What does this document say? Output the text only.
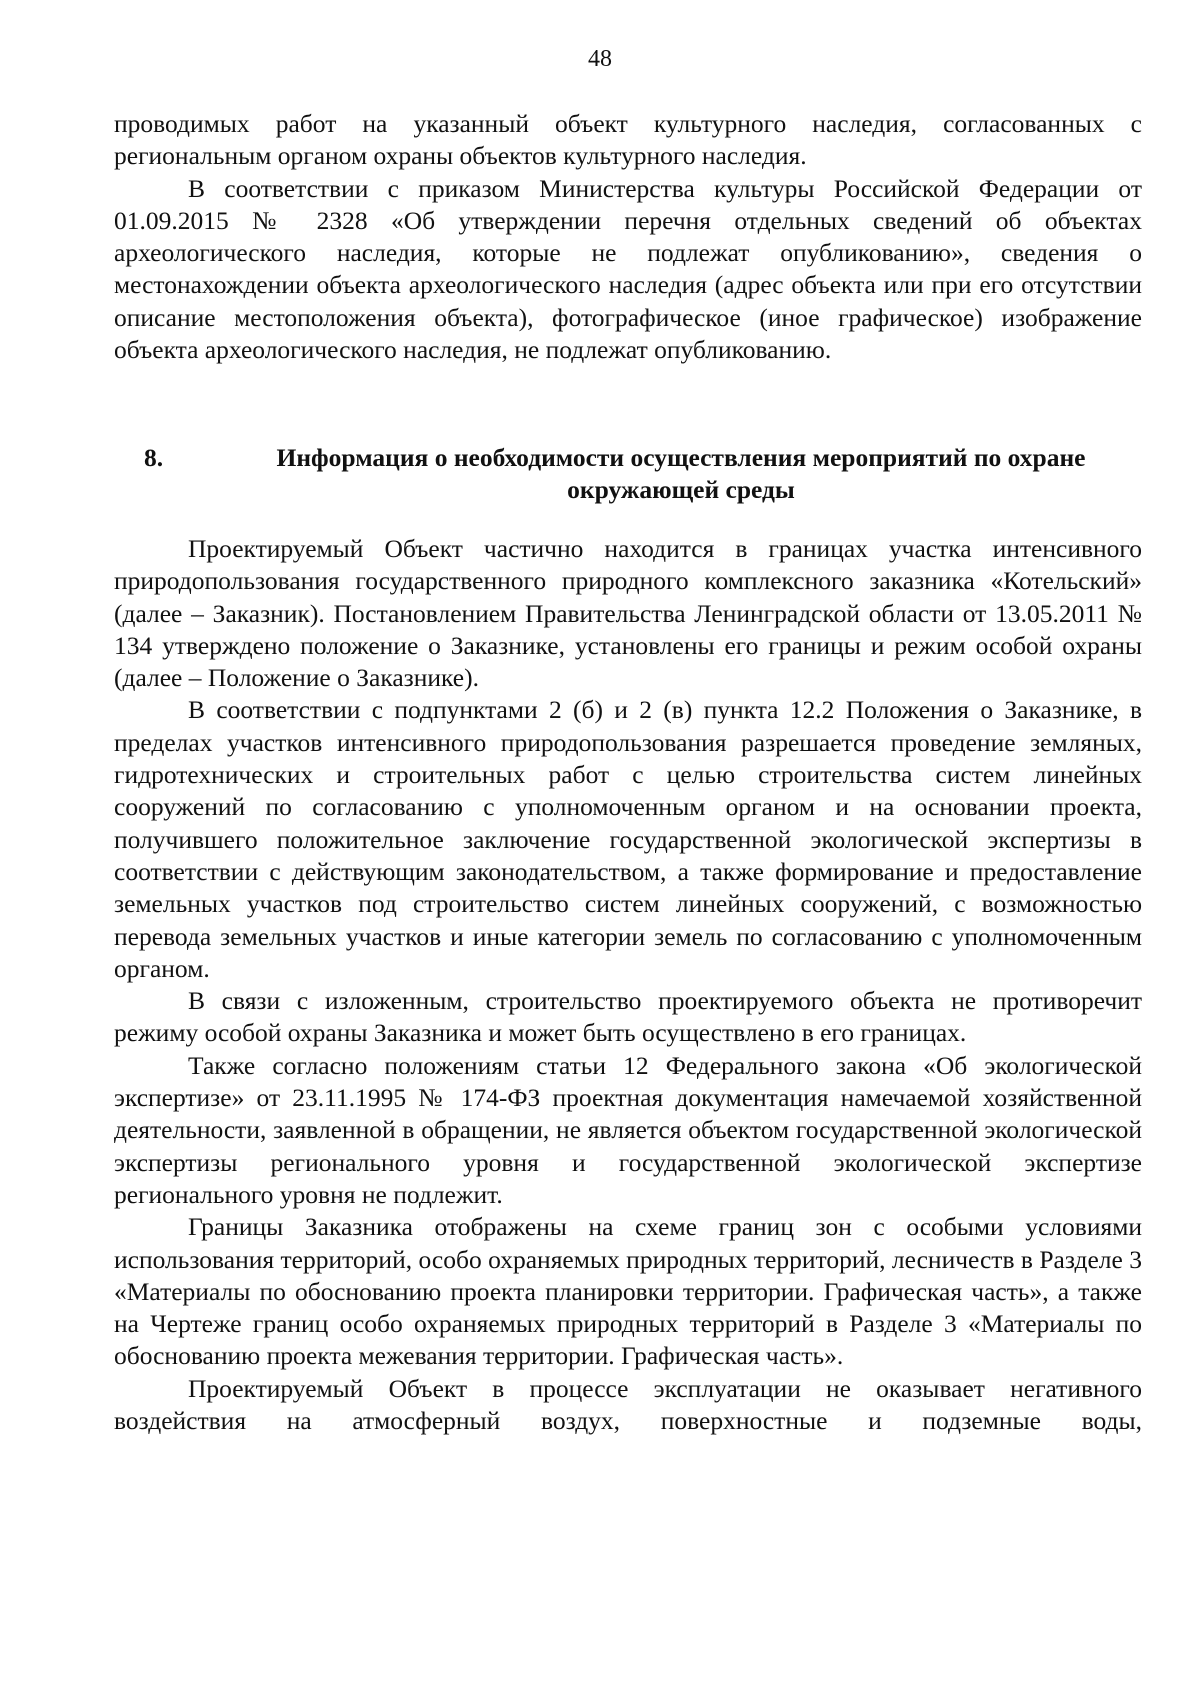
48

проводимых работ на указанный объект культурного наследия, согласованных с региональным органом охраны объектов культурного наследия.

В соответствии с приказом Министерства культуры Российской Федерации от 01.09.2015 № 2328 «Об утверждении перечня отдельных сведений об объектах археологического наследия, которые не подлежат опубликованию», сведения о местонахождении объекта археологического наследия (адрес объекта или при его отсутствии описание местоположения объекта), фотографическое (иное графическое) изображение объекта археологического наследия, не подлежат опубликованию.

8.	Информация о необходимости осуществления мероприятий по охране окружающей среды

Проектируемый Объект частично находится в границах участка интенсивного природопользования государственного природного комплексного заказника «Котельский» (далее – Заказник). Постановлением Правительства Ленинградской области от 13.05.2011 № 134 утверждено положение о Заказнике, установлены его границы и режим особой охраны (далее – Положение о Заказнике).

В соответствии с подпунктами 2 (б) и 2 (в) пункта 12.2 Положения о Заказнике, в пределах участков интенсивного природопользования разрешается проведение земляных, гидротехнических и строительных работ с целью строительства систем линейных сооружений по согласованию с уполномоченным органом и на основании проекта, получившего положительное заключение государственной экологической экспертизы в соответствии с действующим законодательством, а также формирование и предоставление земельных участков под строительство систем линейных сооружений, с возможностью перевода земельных участков и иные категории земель по согласованию с уполномоченным органом.

В связи с изложенным, строительство проектируемого объекта не противоречит режиму особой охраны Заказника и может быть осуществлено в его границах.

Также согласно положениям статьи 12 Федерального закона «Об экологической экспертизе» от 23.11.1995 № 174-ФЗ проектная документация намечаемой хозяйственной деятельности, заявленной в обращении, не является объектом государственной экологической экспертизы регионального уровня и государственной экологической экспертизе регионального уровня не подлежит.

Границы Заказника отображены на схеме границ зон с особыми условиями использования территорий, особо охраняемых природных территорий, лесничеств в Разделе 3 «Материалы по обоснованию проекта планировки территории. Графическая часть», а также на Чертеже границ особо охраняемых природных территорий в Разделе 3 «Материалы по обоснованию проекта межевания территории. Графическая часть».

Проектируемый Объект в процессе эксплуатации не оказывает негативного воздействия на атмосферный воздух, поверхностные и подземные воды,
